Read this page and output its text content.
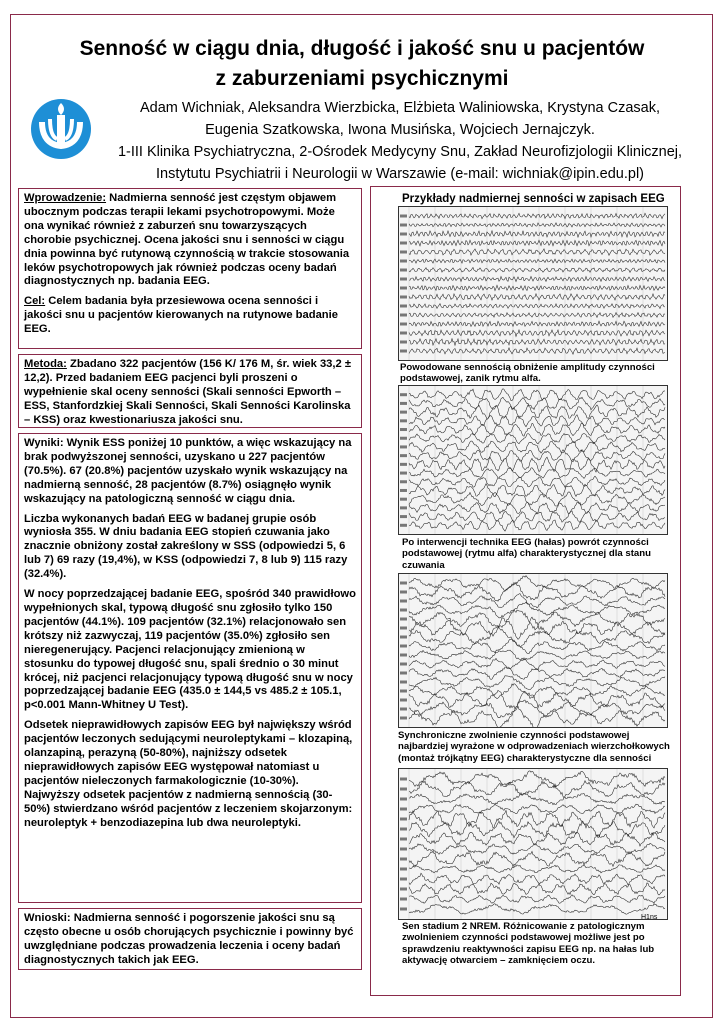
Senność w ciągu dnia, długość i jakość snu u pacjentów
z zaburzeniami psychicznymi
Adam Wichniak, Aleksandra Wierzbicka, Elżbieta Waliniowska, Krystyna Czasak,
Eugenia Szatkowska, Iwona Musińska, Wojciech Jernajczyk.
1-III Klinika Psychiatryczna, 2-Ośrodek Medycyny Snu, Zakład Neurofizjologii Klinicznej,
Instytutu Psychiatrii i Neurologii w Warszawie (e-mail: wichniak@ipin.edu.pl)

Wprowadzenie: Nadmierna senność jest częstym objawem ubocznym podczas terapii lekami psychotropowymi. Może ona wynikać również z zaburzeń snu towarzyszących chorobie psychicznej. Ocena jakości snu i senności w ciągu dnia powinna być rutynową czynnością w trakcie stosowania leków psychotropowych jak również podczas oceny badań diagnostycznych np. badania EEG.

Cel: Celem badania była przesiewowa ocena senności i jakości snu u pacjentów kierowanych na rutynowe badanie EEG.

Metoda: Zbadano 322 pacjentów (156 K/ 176 M, śr. wiek 33,2 ± 12,2). Przed badaniem EEG pacjenci byli proszeni o wypełnienie skal oceny senności (Skali senności Epworth – ESS, Stanfordzkiej Skali Senności, Skali Senności Karolinska – KSS) oraz kwestionariusza jakości snu.

Wyniki: Wynik ESS poniżej 10 punktów, a więc wskazujący na brak podwyższonej senności, uzyskano u 227 pacjentów (70.5%). 67 (20.8%) pacjentów uzyskało wynik wskazujący na nadmierną senność, 28 pacjentów (8.7%) osiągnęło wynik wskazujący na patologiczną senność w ciągu dnia.

Liczba wykonanych badań EEG w badanej grupie osób wyniosła 355. W dniu badania EEG stopień czuwania jako znacznie obniżony został zakreślony w SSS (odpowiedzi 5, 6 lub 7) 69 razy (19,4%), w KSS (odpowiedzi 7, 8 lub 9) 115 razy (32.4%).

W nocy poprzedzającej badanie EEG, spośród 340 prawidłowo wypełnionych skal, typową długość snu zgłosiło tylko 150 pacjentów (44.1%). 109 pacjentów (32.1%) relacjonowało sen krótszy niż zazwyczaj, 119 pacjentów (35.0%) zgłosiło sen nieregenerujący. Pacjenci relacjonujący zmienioną w stosunku do typowej długość snu, spali średnio o 30 minut krócej, niż pacjenci relacjonujący typową długość snu w nocy poprzedzającej badanie EEG (435.0 ± 144,5 vs 485.2 ± 105.1, p<0.001 Mann-Whitney U Test).

Odsetek nieprawidłowych zapisów EEG był największy wśród pacjentów leczonych sedującymi neuroleptykami – klozapiną, olanzapiną, perazyną (50-80%), najniższy odsetek nieprawidłowych zapisów EEG występował natomiast u pacjentów nieleczonych farmakologicznie (10-30%).

Najwyższy odsetek pacjentów z nadmierną sennością (30-50%) stwierdzano wśród pacjentów z leczeniem skojarzonym: neuroleptyk + benzodiazepina lub dwa neuroleptyki.

Wnioski: Nadmierna senność i pogorszenie jakości snu są często obecne u osób chorujących psychicznie i powinny być uwzględniane podczas prowadzenia leczenia i oceny badań diagnostycznych takich jak EEG.

Przykłady nadmiernej senności w zapisach EEG
Powodowane sennością obniżenie amplitudy czynności podstawowej, zanik rytmu alfa.
Po interwencji technika EEG (hałas) powrót czynności podstawowej (rytmu alfa) charakterystycznej dla stanu czuwania
Synchroniczne zwolnienie czynności podstawowej najbardziej wyrażone w odprowadzeniach wierzchołkowych (montaż trójkątny EEG) charakterystyczne dla senności
H1ns
Sen stadium 2 NREM. Różnicowanie z patologicznym zwolnieniem czynności podstawowej możliwe jest po sprawdzeniu reaktywności zapisu EEG np. na hałas lub aktywację otwarciem – zamknięciem oczu.
